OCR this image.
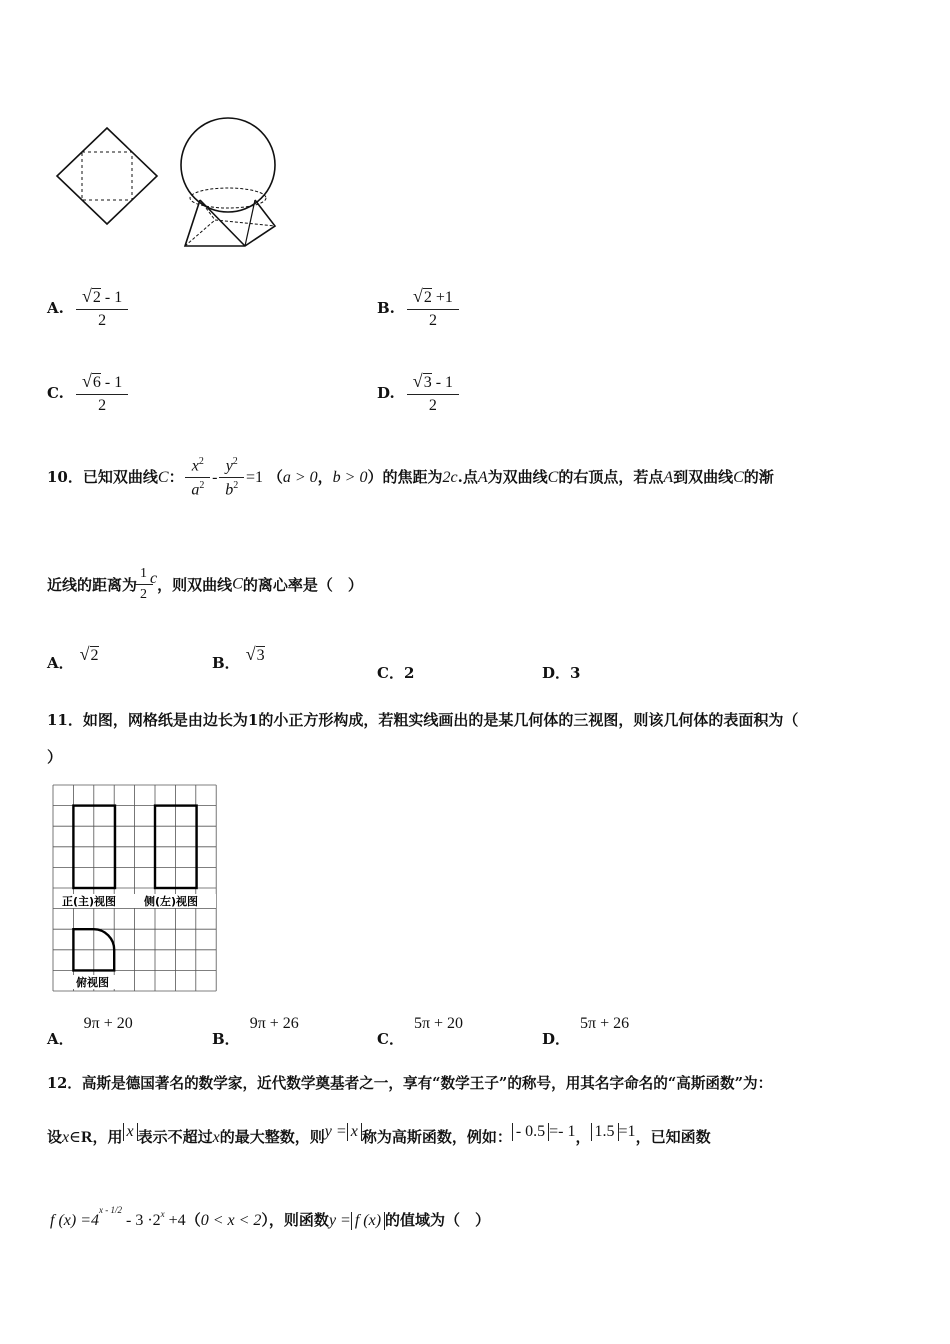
A. $\frac{√2 - 1}{2}$	B. $\frac{√2 +1}{2}$
C. $\frac{√6 - 1}{2}$	D. $\frac{√3 - 1}{2}$
10．已知双曲线C： $\frac{x^2}{a^2} - \frac{y^2}{b^2} =1$ （a > 0，b > 0）的焦距为2c.点A为双曲线C的右顶点，若点A到双曲线C的渐
近线的距离为 $\frac{1}{2}$ c，则双曲线C的离心率是（　）
A． √2	B． √3
C．2	D．3
11．如图，网格纸是由边长为1的小正方形构成，若粗实线画出的是某几何体的三视图，则该几何体的表面积为（
）
正(主)视图	侧(左)视图
俯视图
A．9π + 20
B．9π + 26
C．5π + 20
D．5π + 26
12．高斯是德国著名的数学家，近代数学奠基者之一，享有“数学王子”的称号，用其名字命名的“高斯函数”为：
设x∈R，用 x 表示不超过x的最大整数，则y = x 称为高斯函数，例如： - 0.5 =- 1， 1.5 =1，已知函数
f $(x) =4^{x - 1/2} - 3 \cdot 2^x +4(0 < x < 2)$，则函数y = f (x) 的值域为（　）
